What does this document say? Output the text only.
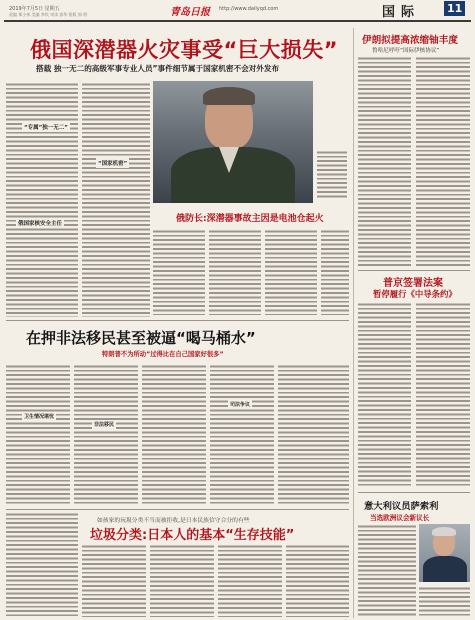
2019年7月5日 星期五
责编 郑小伟 美编 李钦 审读 郭华 排版 郭 明	青岛日报 http://www.dailyqd.com	国际 11
俄国深潜器火灾事受“巨大损失”
搭载 独一无二的高级军事专业人员”事件细节属于国家机密不会对外发布
“专属”独一无二”
俄国家核安全主任
“国家机密”
俄防长:深潜器事故主因是电池仓起火
在押非法移民甚至被逼“喝马桶水”
特朗普不为所动”过得比在自己国家好很多”
卫生情况堪忧
非法移民
司法争议
如孩家的玩圾分类不当而被拒收,是日本民族信守合分的有些
垃圾分类:日本人的基本“生存技能”
伊朗拟提高浓缩铀丰度
鲁哈尼呼吁”国际伊核协议”
普京签署法案
暂停履行《中导条约》
意大利议员萨索利
当选欧洲议会新议长
